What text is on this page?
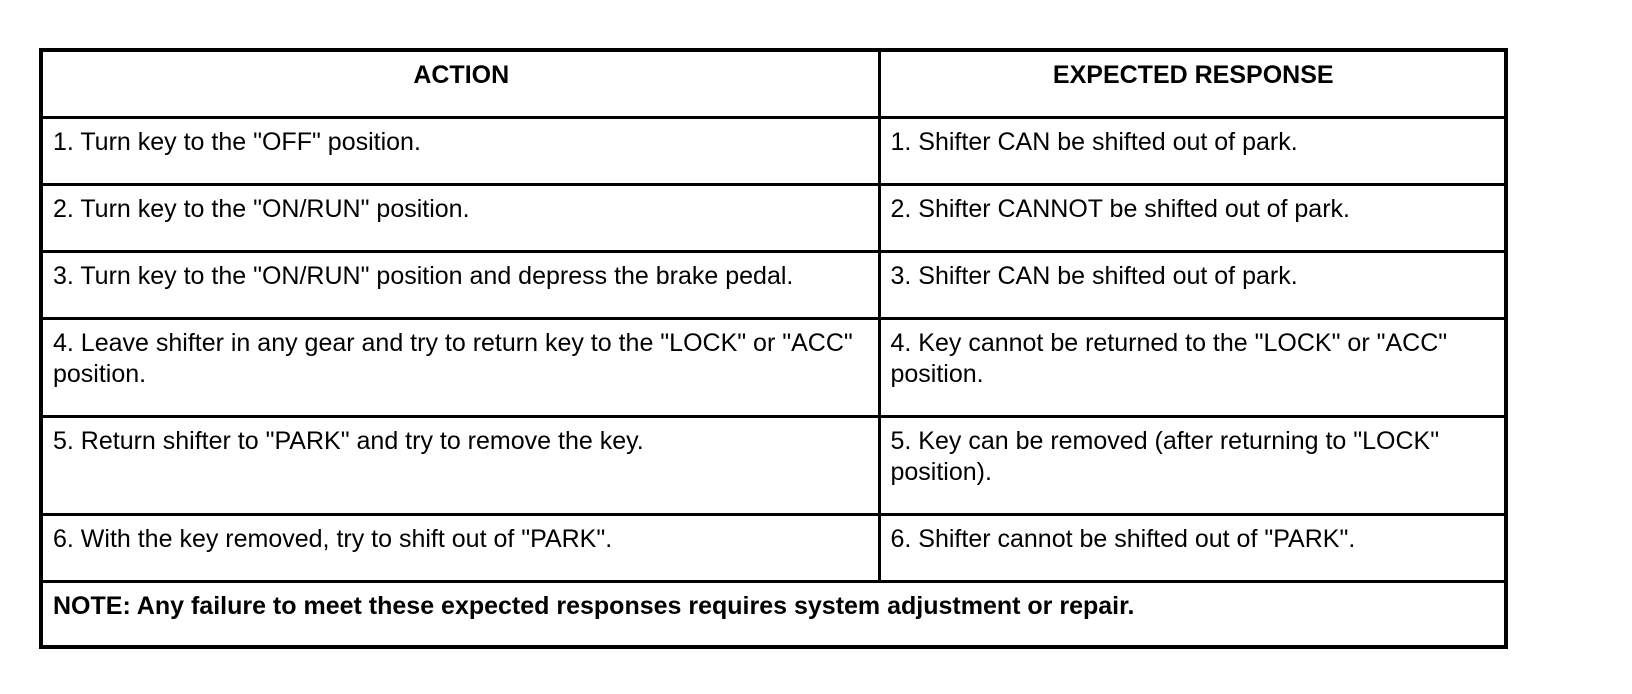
ACTION	EXPECTED RESPONSE
1. Turn key to the "OFF" position.	1. Shifter CAN be shifted out of park.
2. Turn key to the "ON/RUN" position.	2. Shifter CANNOT be shifted out of park.
3. Turn key to the "ON/RUN" position and depress the brake pedal.	3. Shifter CAN be shifted out of park.
4. Leave shifter in any gear and try to return key to the "LOCK" or "ACC" position.	4. Key cannot be returned to the "LOCK" or "ACC" position.
5. Return shifter to "PARK" and try to remove the key.	5. Key can be removed (after returning to "LOCK" position).
6. With the key removed, try to shift out of "PARK".	6. Shifter cannot be shifted out of "PARK".
NOTE: Any failure to meet these expected responses requires system adjustment or repair.	
